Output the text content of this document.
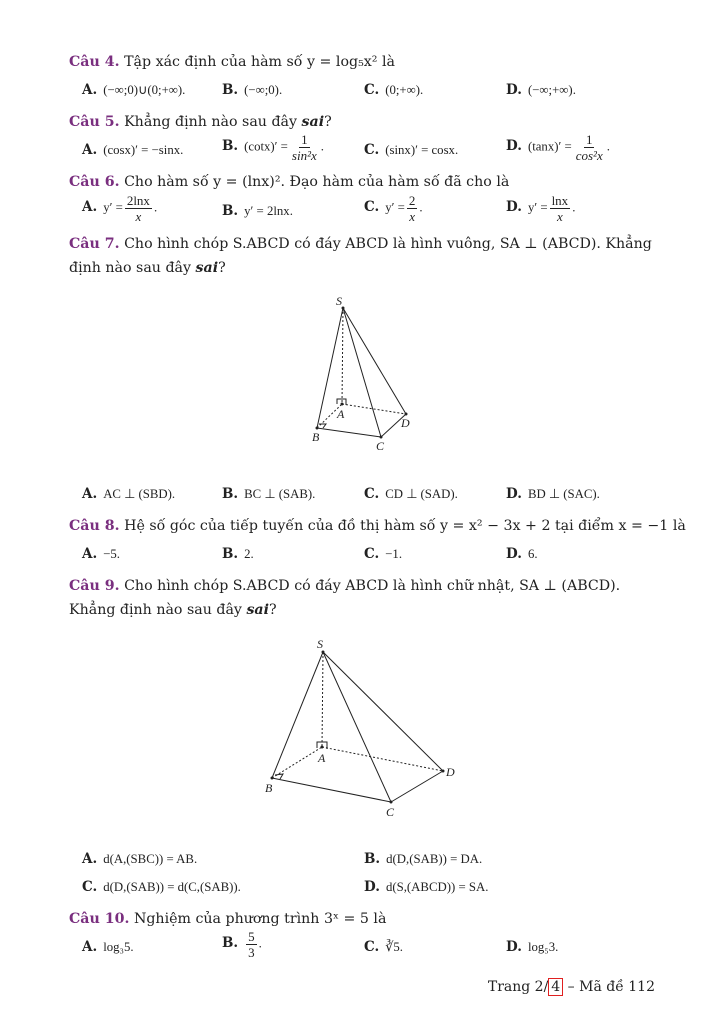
Câu 4. Tập xác định của hàm số y = log₅x² là
A. (−∞;0)∪(0;+∞).	B. (−∞;0).	C. (0;+∞).	D. (−∞;+∞).
Câu 5. Khẳng định nào sau đây sai?
A. (cosx)′ = −sinx.	B. $(\cot x)' = \frac{1}{\text{sin²x}}$ .	C. (sinx)′ = cosx.	D. $(\tan x)' = \frac{1}{\text{cos²x}}$ .
Câu 6. Cho hàm số y = (lnx)². Đạo hàm của hàm số đã cho là
A. $y' = \frac{2\ln x}{x}$ .	B. y′ = 2lnx.	C. $y' = \frac{2}{x}$ .	D. $y' = \frac{\ln x}{x}$ .
Câu 7. Cho hình chóp S.ABCD có đáy ABCD là hình vuông, SA ⊥ (ABCD). Khẳng định nào sau đây sai?
S
A
B
C
D
A. AC ⊥ (SBD).	B. BC ⊥ (SAB).	C. CD ⊥ (SAD).	D. BD ⊥ (SAC).
Câu 8. Hệ số góc của tiếp tuyến của đồ thị hàm số y = x² − 3x + 2 tại điểm x = −1 là
A. −5.	B. 2.	C. −1.	D. 6.
Câu 9. Cho hình chóp S.ABCD có đáy ABCD là hình chữ nhật, SA ⊥ (ABCD). Khẳng định nào sau đây sai?
S
A
B
C
D
A. d(A,(SBC)) = AB.	B. d(D,(SAB)) = DA.
C. d(D,(SAB)) = d(C,(SAB)).	D. d(S,(ABCD)) = SA.
Câu 10. Nghiệm của phương trình 3ˣ = 5 là
A. log₃5.	B. $\frac{5}{3}$ .	C. ∛5.	D. log₅3.
Trang 2/ 4 – Mã đề 112
